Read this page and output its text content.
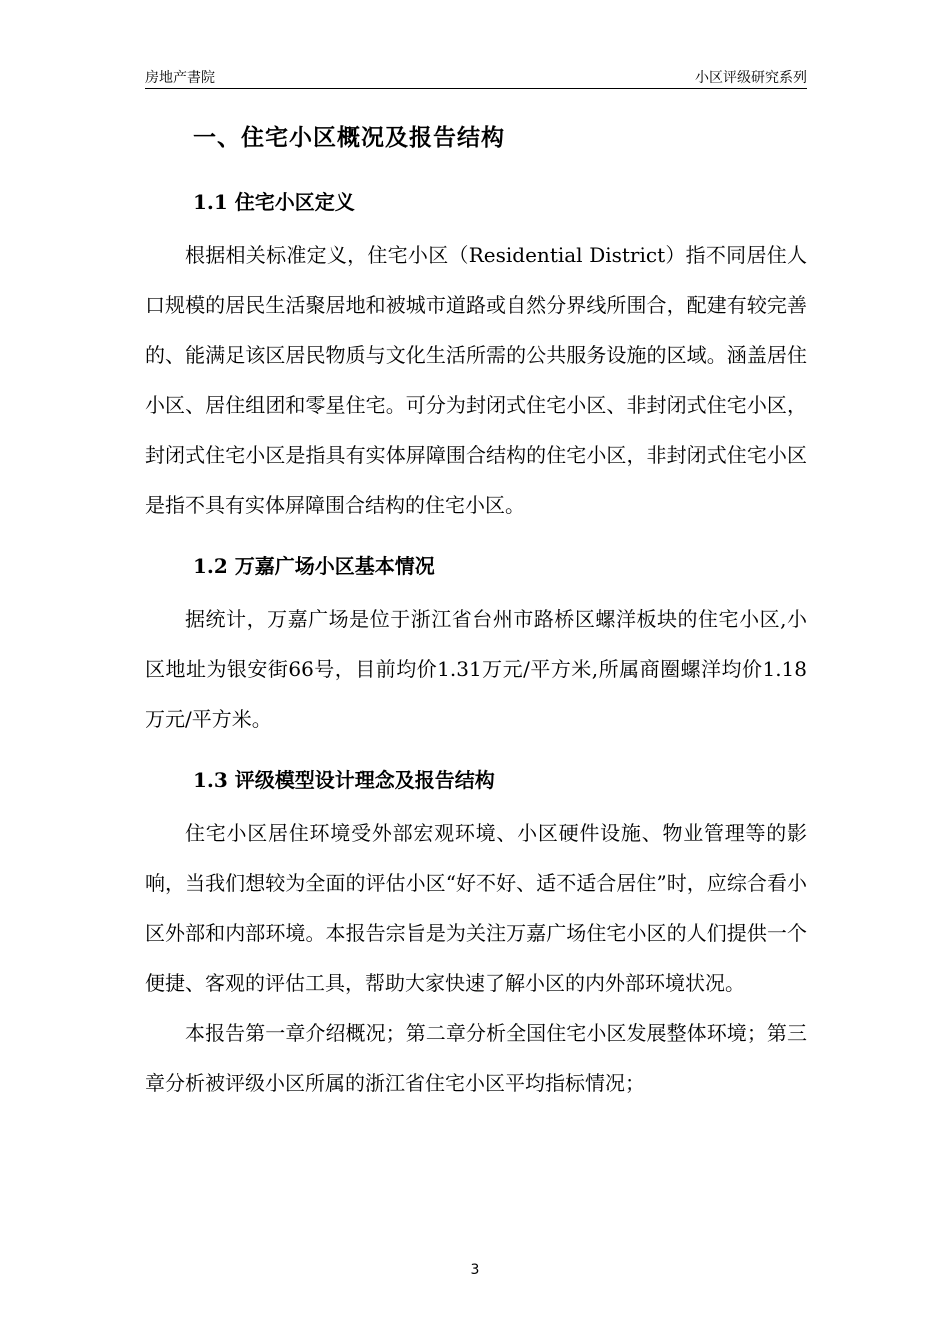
房地产書院	小区评级研究系列
一、住宅小区概况及报告结构
1.1 住宅小区定义

根据相关标准定义，住宅小区（Residential District）指不同居住人口规模的居民生活聚居地和被城市道路或自然分界线所围合，配建有较完善的、能满足该区居民物质与文化生活所需的公共服务设施的区域。涵盖居住小区、居住组团和零星住宅。可分为封闭式住宅小区、非封闭式住宅小区，封闭式住宅小区是指具有实体屏障围合结构的住宅小区，非封闭式住宅小区是指不具有实体屏障围合结构的住宅小区。

1.2 万嘉广场小区基本情况

据统计，万嘉广场是位于浙江省台州市路桥区螺洋板块的住宅小区,小区地址为银安街66号，目前均价1.31万元/平方米,所属商圈螺洋均价1.18万元/平方米。

1.3 评级模型设计理念及报告结构

住宅小区居住环境受外部宏观环境、小区硬件设施、物业管理等的影响，当我们想较为全面的评估小区“好不好、适不适合居住”时，应综合看小区外部和内部环境。本报告宗旨是为关注万嘉广场住宅小区的人们提供一个便捷、客观的评估工具，帮助大家快速了解小区的内外部环境状况。

本报告第一章介绍概况；第二章分析全国住宅小区发展整体环境；第三章分析被评级小区所属的浙江省住宅小区平均指标情况；

3
